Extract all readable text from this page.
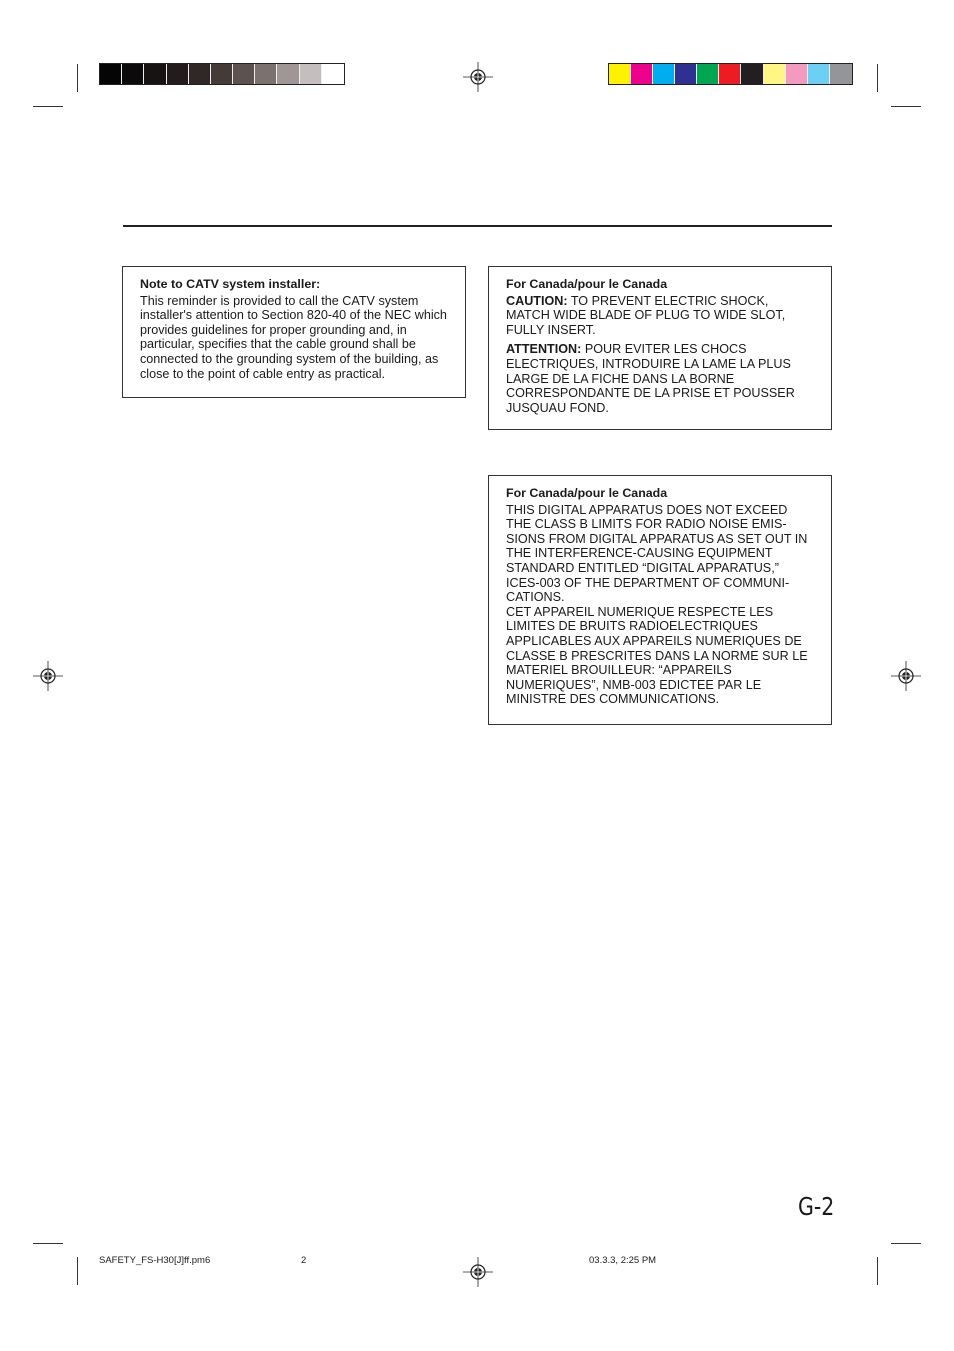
Note to CATV system installer:

This reminder is provided to call the CATV system installer's attention to Section 820-40 of the NEC which provides guidelines for proper grounding and, in particular, specifies that the cable ground shall be connected to the grounding system of the building, as close to the point of cable entry as practical.

For Canada/pour le Canada

CAUTION: TO PREVENT ELECTRIC SHOCK, MATCH WIDE BLADE OF PLUG TO WIDE SLOT, FULLY INSERT.

ATTENTION: POUR EVITER LES CHOCS ELECTRIQUES, INTRODUIRE LA LAME LA PLUS LARGE DE LA FICHE DANS LA BORNE CORRESPONDANTE DE LA PRISE ET POUSSER JUSQUAU FOND.

For Canada/pour le Canada

THIS DIGITAL APPARATUS DOES NOT EXCEED THE CLASS B LIMITS FOR RADIO NOISE EMIS-SIONS FROM DIGITAL APPARATUS AS SET OUT IN THE INTERFERENCE-CAUSING EQUIPMENT STANDARD ENTITLED “DIGITAL APPARATUS,” ICES-003 OF THE DEPARTMENT OF COMMUNI-CATIONS.

CET APPAREIL NUMERIQUE RESPECTE LES LIMITES DE BRUITS RADIOELECTRIQUES APPLICABLES AUX APPAREILS NUMERIQUES DE CLASSE B PRESCRITES DANS LA NORME SUR LE MATERIEL BROUILLEUR: “APPAREILS NUMERIQUES”, NMB-003 EDICTEE PAR LE MINISTRE DES COMMUNICATIONS.

G-2
SAFETY_FS-H30[J]ff.pm6	2	03.3.3, 2:25 PM
